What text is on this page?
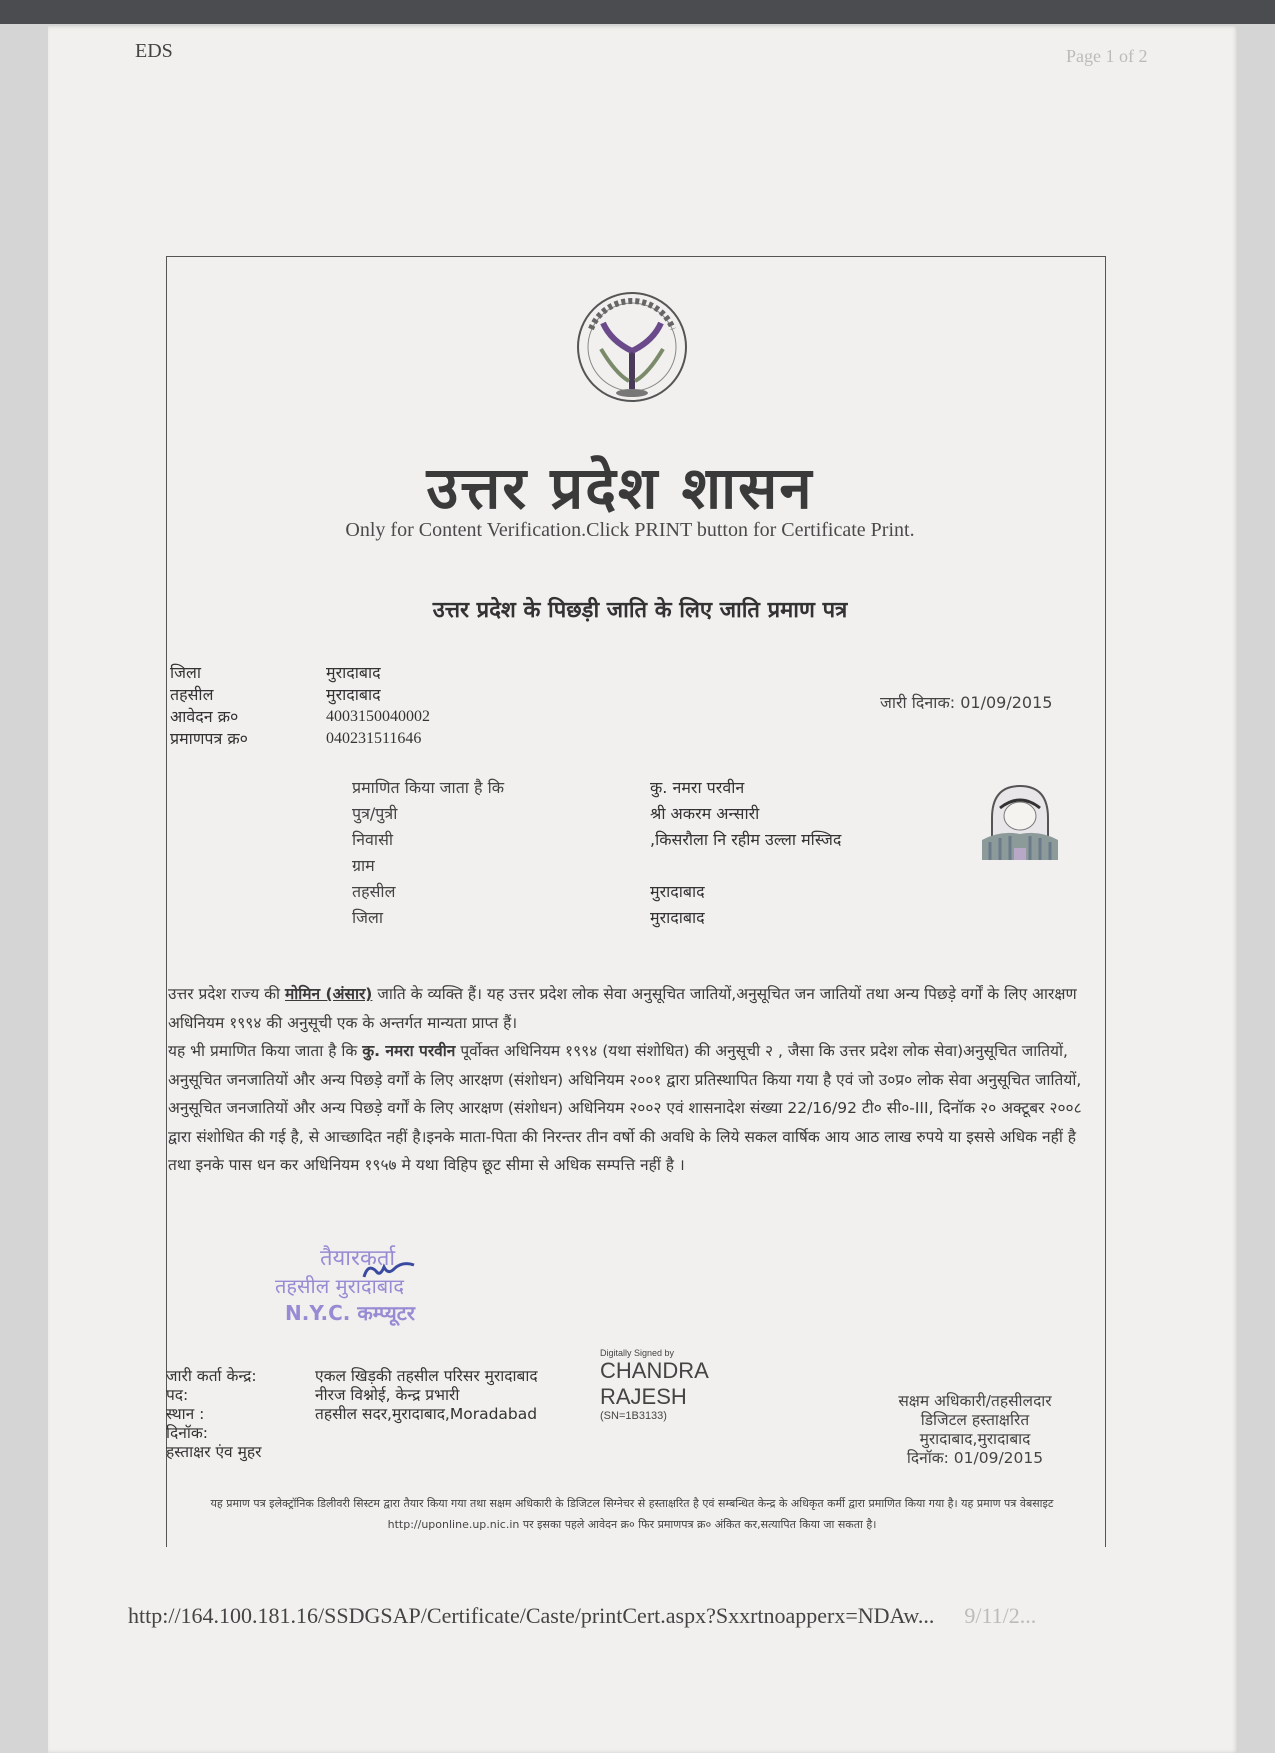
EDS	Page 1 of 2
उत्तर प्रदेश शासन
Only for Content Verification.Click PRINT button for Certificate Print.
उत्तर प्रदेश के पिछड़ी जाति के लिए जाति प्रमाण पत्र
जिला
तहसील
आवेदन क्र०
प्रमाणपत्र क्र०
मुरादाबाद
मुरादाबाद
4003150040002
040231511646
जारी दिनाक: 01/09/2015
प्रमाणित किया जाता है कि
पुत्र/पुत्री
निवासी
ग्राम
तहसील
जिला
कु. नमरा परवीन
श्री अकरम अन्सारी
,किसरौला नि रहीम उल्ला मस्जिद
मुरादाबाद
मुरादाबाद

उत्तर प्रदेश राज्य की मोमिन (अंसार) जाति के व्यक्ति हैं। यह उत्तर प्रदेश लोक सेवा अनुसूचित जातियों,अनुसूचित जन जातियों तथा अन्य पिछड़े वर्गों के लिए आरक्षण अधिनियम १९९४ की अनुसूची एक के अन्तर्गत मान्यता प्राप्त हैं।

यह भी प्रमाणित किया जाता है कि कु. नमरा परवीन पूर्वोक्त अधिनियम १९९४ (यथा संशोधित) की अनुसूची २ , जैसा कि उत्तर प्रदेश लोक सेवा)अनुसूचित जातियों, अनुसूचित जनजातियों और अन्य पिछड़े वर्गों के लिए आरक्षण (संशोधन) अधिनियम २००१ द्वारा प्रतिस्थापित किया गया है एवं जो उ०प्र० लोक सेवा अनुसूचित जातियों, अनुसूचित जनजातियों और अन्य पिछड़े वर्गों के लिए आरक्षण (संशोधन) अधिनियम २००२ एवं शासनादेश संख्या 22/16/92 टी० सी०-III, दिनॉक २० अक्टूबर २००८ द्वारा संशोधित की गई है, से आच्छादित नहीं है।इनके माता-पिता की निरन्तर तीन वर्षो की अवधि के लिये सकल वार्षिक आय आठ लाख रुपये या इससे अधिक नहीं है तथा इनके पास धन कर अधिनियम १९५७ मे यथा विहिप छूट सीमा से अधिक सम्पत्ति नहीं है ।

तैयारकर्ता
तहसील मुरादाबाद
N.Y.C. कम्प्यूटर
जारी कर्ता केन्द्र:
पद:
स्थान :
दिनॉक:
हस्ताक्षर एंव मुहर
एकल खिड़की तहसील परिसर मुरादाबाद
नीरज विश्नोई, केन्द्र प्रभारी
तहसील सदर,मुरादाबाद,Moradabad
Digitally Signed by
CHANDRA
RAJESH
(SN=1B3133)
सक्षम अधिकारी/तहसीलदार
डिजिटल हस्ताक्षरित
मुरादाबाद,मुरादाबाद
दिनॉक: 01/09/2015
यह प्रमाण पत्र इलेक्ट्रॉनिक डिलीवरी सिस्टम द्वारा तैयार किया गया तथा सक्षम अधिकारी के डिजिटल सिग्नेचर से हस्ताक्षरित है एवं सम्बन्धित केन्द्र के अधिकृत कर्मी द्वारा प्रमाणित किया गया है। यह प्रमाण पत्र वेबसाइट http://uponline.up.nic.in पर इसका पहले आवेदन क्र० फिर प्रमाणपत्र क्र० अंकित कर,सत्यापित किया जा सकता है।
http://164.100.181.16/SSDGSAP/Certificate/Caste/printCert.aspx?Sxxrtnoapperx=NDAw... 9/11/2...
